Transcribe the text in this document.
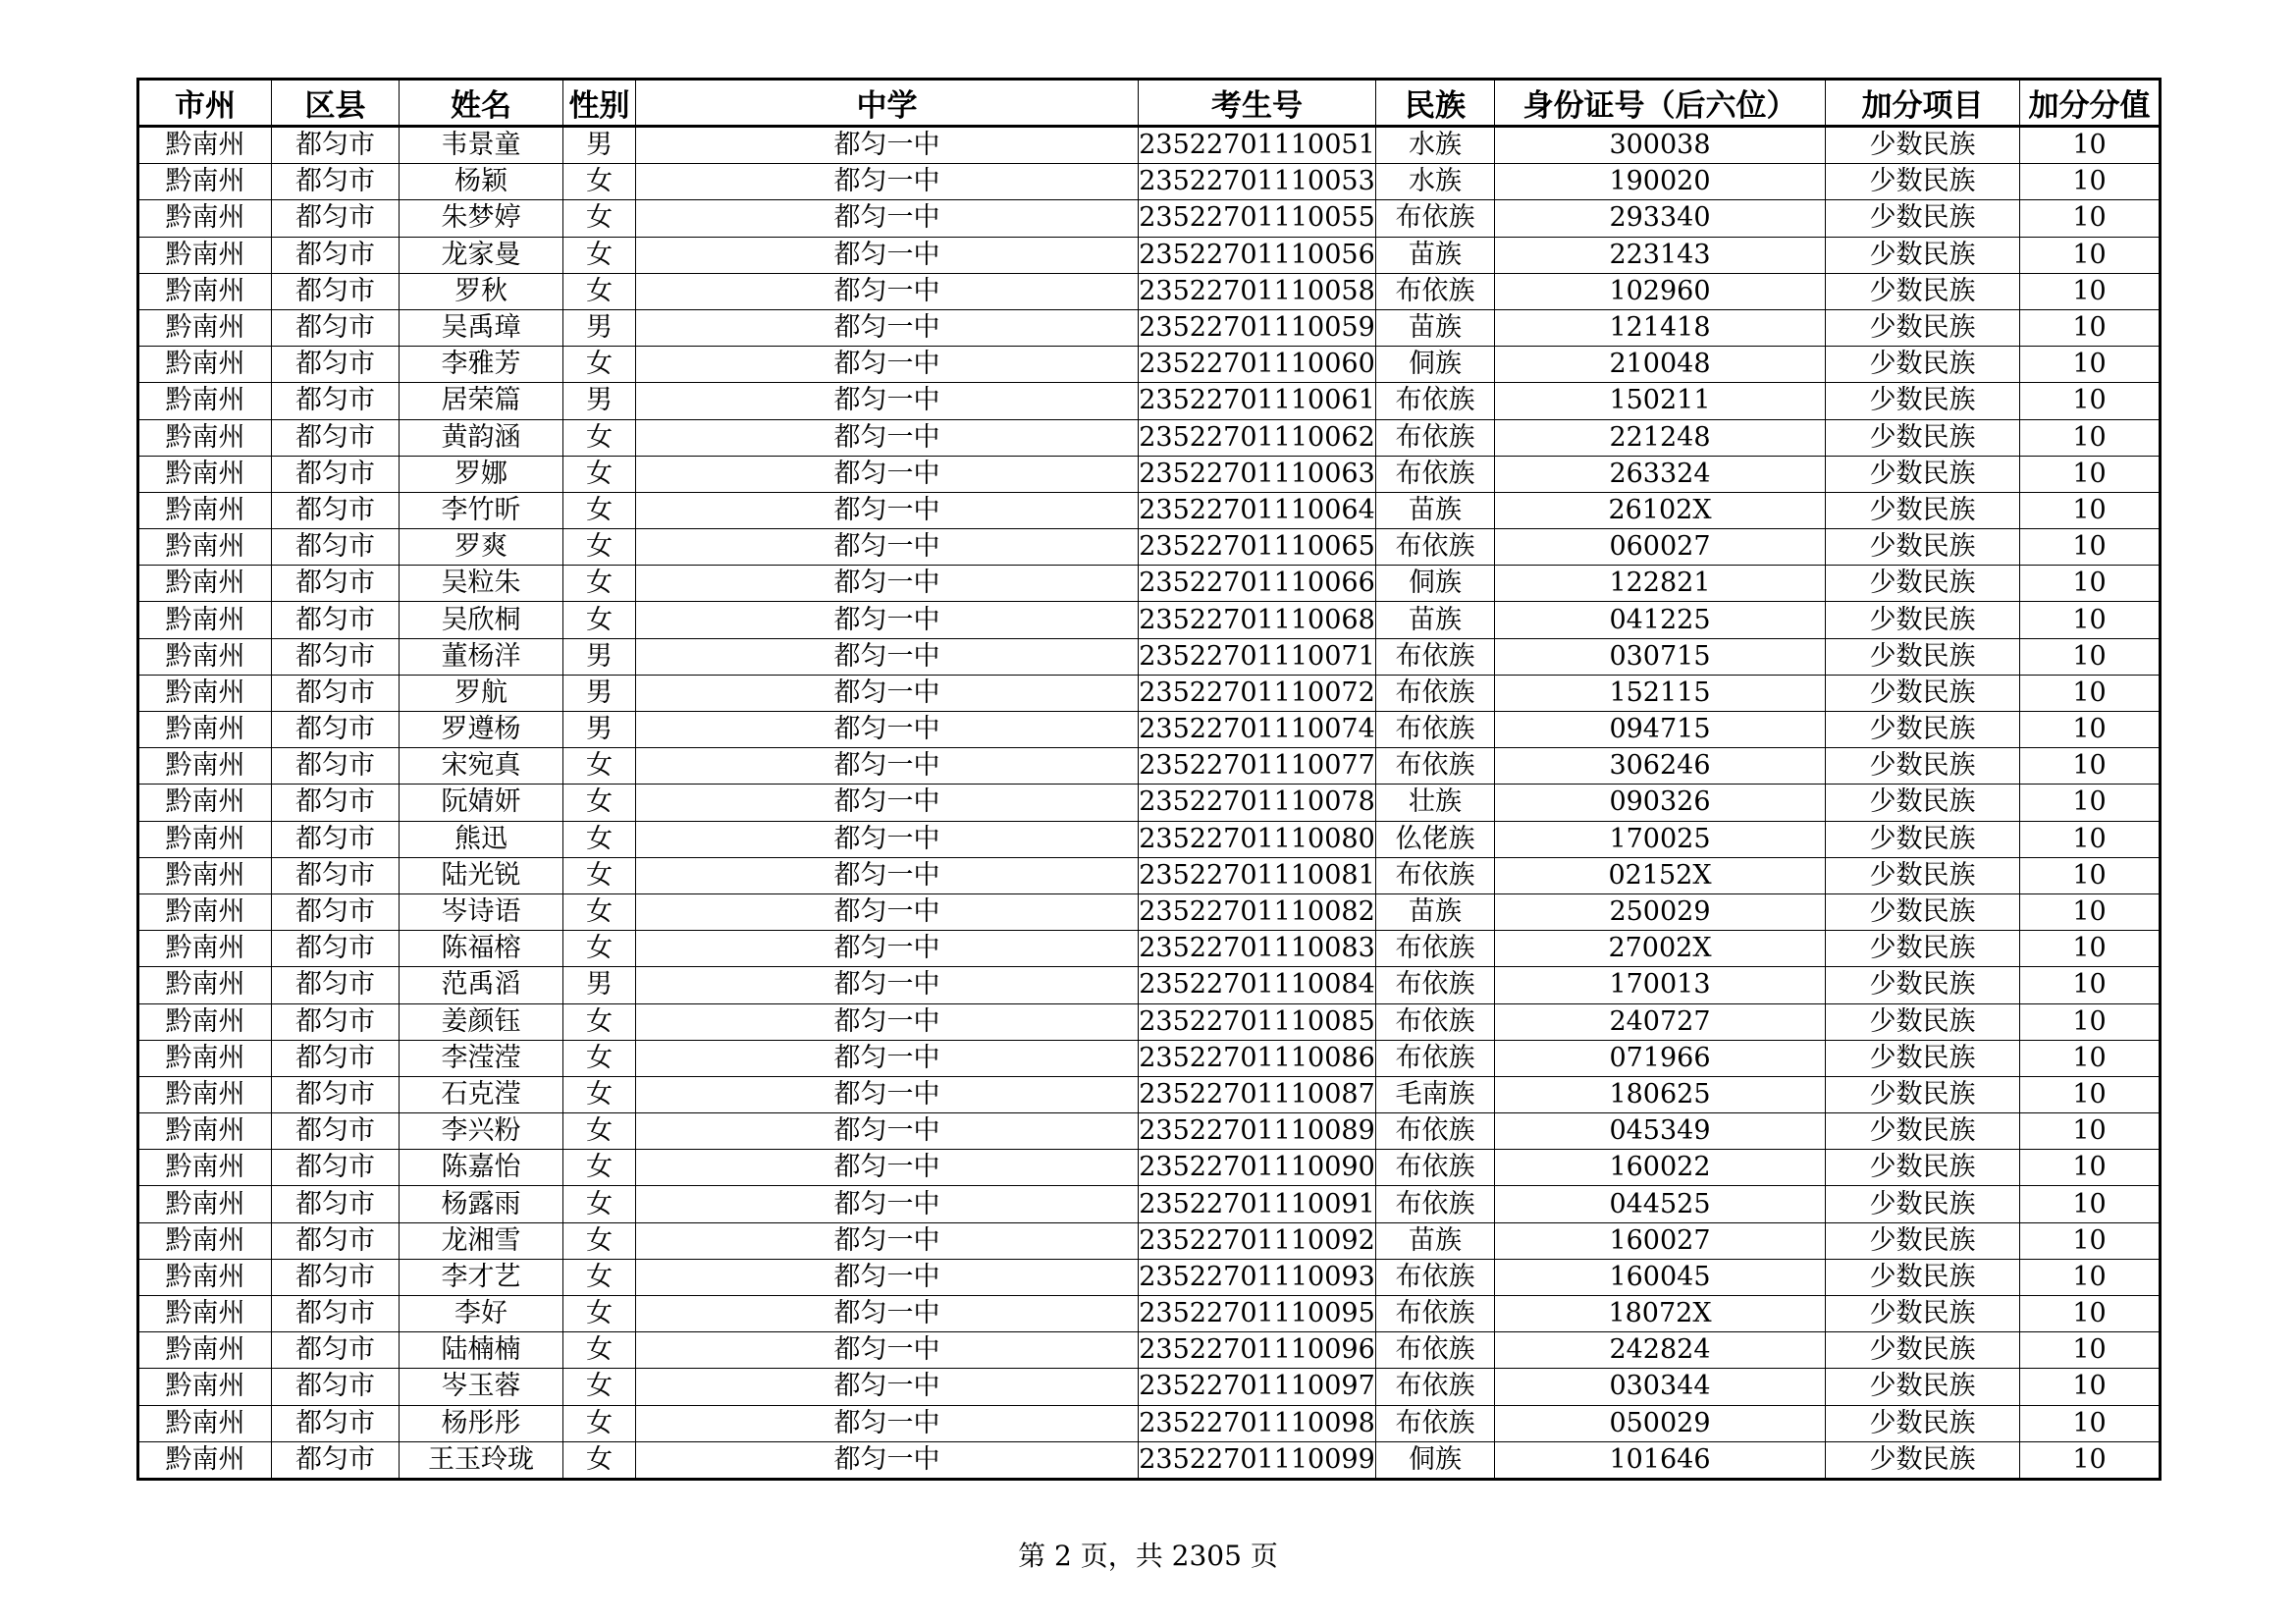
市州	区县	姓名	性别	中学	考生号	民族	身份证号（后六位）	加分项目	加分分值
黔南州	都匀市	韦景童	男	都匀一中	23522701110051	水族	300038	少数民族	10
黔南州	都匀市	杨颖	女	都匀一中	23522701110053	水族	190020	少数民族	10
黔南州	都匀市	朱梦婷	女	都匀一中	23522701110055	布依族	293340	少数民族	10
黔南州	都匀市	龙家曼	女	都匀一中	23522701110056	苗族	223143	少数民族	10
黔南州	都匀市	罗秋	女	都匀一中	23522701110058	布依族	102960	少数民族	10
黔南州	都匀市	吴禹璋	男	都匀一中	23522701110059	苗族	121418	少数民族	10
黔南州	都匀市	李雅芳	女	都匀一中	23522701110060	侗族	210048	少数民族	10
黔南州	都匀市	居荣篇	男	都匀一中	23522701110061	布依族	150211	少数民族	10
黔南州	都匀市	黄韵涵	女	都匀一中	23522701110062	布依族	221248	少数民族	10
黔南州	都匀市	罗娜	女	都匀一中	23522701110063	布依族	263324	少数民族	10
黔南州	都匀市	李竹昕	女	都匀一中	23522701110064	苗族	26102X	少数民族	10
黔南州	都匀市	罗爽	女	都匀一中	23522701110065	布依族	060027	少数民族	10
黔南州	都匀市	吴粒朱	女	都匀一中	23522701110066	侗族	122821	少数民族	10
黔南州	都匀市	吴欣桐	女	都匀一中	23522701110068	苗族	041225	少数民族	10
黔南州	都匀市	董杨洋	男	都匀一中	23522701110071	布依族	030715	少数民族	10
黔南州	都匀市	罗航	男	都匀一中	23522701110072	布依族	152115	少数民族	10
黔南州	都匀市	罗遵杨	男	都匀一中	23522701110074	布依族	094715	少数民族	10
黔南州	都匀市	宋宛真	女	都匀一中	23522701110077	布依族	306246	少数民族	10
黔南州	都匀市	阮婧妍	女	都匀一中	23522701110078	壮族	090326	少数民族	10
黔南州	都匀市	熊迅	女	都匀一中	23522701110080	仫佬族	170025	少数民族	10
黔南州	都匀市	陆光锐	女	都匀一中	23522701110081	布依族	02152X	少数民族	10
黔南州	都匀市	岑诗语	女	都匀一中	23522701110082	苗族	250029	少数民族	10
黔南州	都匀市	陈福榕	女	都匀一中	23522701110083	布依族	27002X	少数民族	10
黔南州	都匀市	范禹滔	男	都匀一中	23522701110084	布依族	170013	少数民族	10
黔南州	都匀市	姜颜钰	女	都匀一中	23522701110085	布依族	240727	少数民族	10
黔南州	都匀市	李滢滢	女	都匀一中	23522701110086	布依族	071966	少数民族	10
黔南州	都匀市	石克滢	女	都匀一中	23522701110087	毛南族	180625	少数民族	10
黔南州	都匀市	李兴粉	女	都匀一中	23522701110089	布依族	045349	少数民族	10
黔南州	都匀市	陈嘉怡	女	都匀一中	23522701110090	布依族	160022	少数民族	10
黔南州	都匀市	杨露雨	女	都匀一中	23522701110091	布依族	044525	少数民族	10
黔南州	都匀市	龙湘雪	女	都匀一中	23522701110092	苗族	160027	少数民族	10
黔南州	都匀市	李才艺	女	都匀一中	23522701110093	布依族	160045	少数民族	10
黔南州	都匀市	李好	女	都匀一中	23522701110095	布依族	18072X	少数民族	10
黔南州	都匀市	陆楠楠	女	都匀一中	23522701110096	布依族	242824	少数民族	10
黔南州	都匀市	岑玉蓉	女	都匀一中	23522701110097	布依族	030344	少数民族	10
黔南州	都匀市	杨彤彤	女	都匀一中	23522701110098	布依族	050029	少数民族	10
黔南州	都匀市	王玉玲珑	女	都匀一中	23522701110099	侗族	101646	少数民族	10
第 2 页，共 2305 页
